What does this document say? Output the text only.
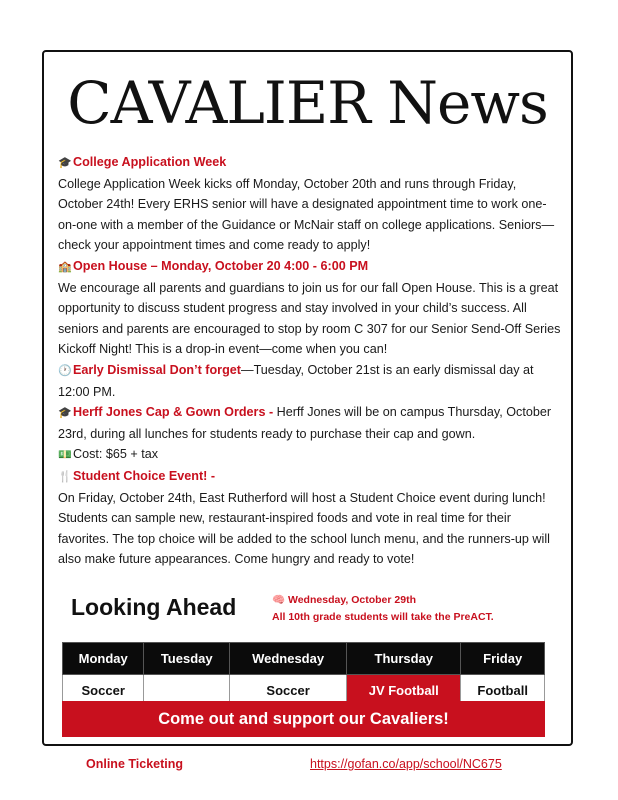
CAVALIER News

🎓College Application Week

College Application Week kicks off Monday, October 20th and runs through Friday, October 24th! Every ERHS senior will have a designated appointment time to work one-on-one with a member of the Guidance or McNair staff on college applications. Seniors—check your appointment times and come ready to apply!

🏫Open House – Monday, October 20 4:00 - 6:00 PM

We encourage all parents and guardians to join us for our fall Open House. This is a great opportunity to discuss student progress and stay involved in your child’s success. All seniors and parents are encouraged to stop by room C 307 for our Senior Send-Off Series Kickoff Night! This is a drop-in event—come when you can!

🕐Early Dismissal Don’t forget—Tuesday, October 21st is an early dismissal day at 12:00 PM.

🎓Herff Jones Cap & Gown Orders - Herff Jones will be on campus Thursday, October 23rd, during all lunches for students ready to purchase their cap and gown.

💵Cost: $65 + tax

🍴Student Choice Event! -

On Friday, October 24th, East Rutherford will host a Student Choice event during lunch! Students can sample new, restaurant-inspired foods and vote in real time for their favorites. The top choice will be added to the school lunch menu, and the runners-up will also make future appearances. Come hungry and ready to vote!

Looking Ahead	🧠 Wednesday, October 29th
All 10th grade students will take the PreACT.
Monday	Tuesday	Wednesday	Thursday	Friday
Soccer		Soccer	JV Football	Football
Come out and support our Cavaliers!
Online Ticketing	https://gofan.co/app/school/NC675
